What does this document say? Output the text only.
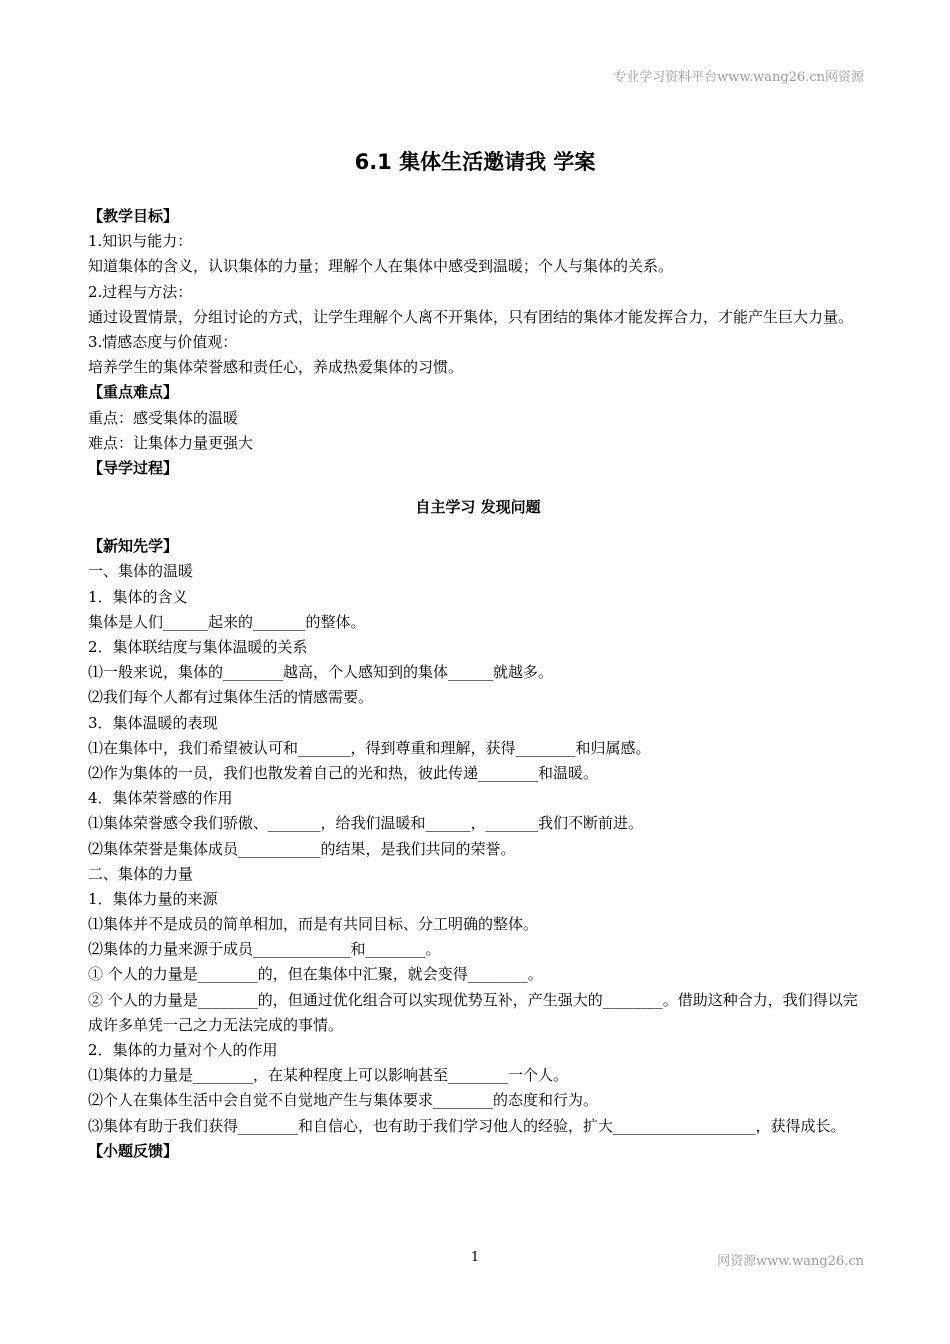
专业学习资料平台www.wang26.cn网资源
6.1 集体生活邀请我 学案
【教学目标】
1.知识与能力：
知道集体的含义，认识集体的力量；理解个人在集体中感受到温暖；个人与集体的关系。
2.过程与方法：
通过设置情景，分组讨论的方式，让学生理解个人离不开集体，只有团结的集体才能发挥合力，才能产生巨大力量。
3.情感态度与价值观：
培养学生的集体荣誉感和责任心，养成热爱集体的习惯。
【重点难点】
重点：感受集体的温暖
难点：让集体力量更强大
【导学过程】
自主学习 发现问题
【新知先学】
一、集体的温暖
1．集体的含义
集体是人们______起来的_______的整体。
2．集体联结度与集体温暖的关系
⑴一般来说，集体的________越高，个人感知到的集体______就越多。
⑵我们每个人都有过集体生活的情感需要。
3．集体温暖的表现
⑴在集体中，我们希望被认可和_______，得到尊重和理解，获得________和归属感。
⑵作为集体的一员，我们也散发着自己的光和热，彼此传递________和温暖。
4．集体荣誉感的作用
⑴集体荣誉感令我们骄傲、_______，给我们温暖和______，_______我们不断前进。
⑵集体荣誉是集体成员___________的结果，是我们共同的荣誉。
二、集体的力量
1．集体力量的来源
⑴集体并不是成员的简单相加，而是有共同目标、分工明确的整体。
⑵集体的力量来源于成员_____________和________。
① 个人的力量是________的，但在集体中汇聚，就会变得________。
② 个人的力量是________的，但通过优化组合可以实现优势互补，产生强大的________。借助这种合力，我们得以完成许多单凭一己之力无法完成的事情。
2．集体的力量对个人的作用
⑴集体的力量是________，在某种程度上可以影响甚至________一个人。
⑵个人在集体生活中会自觉不自觉地产生与集体要求________的态度和行为。
⑶集体有助于我们获得________和自信心，也有助于我们学习他人的经验，扩大___________________，获得成长。
【小题反馈】
1	网资源www.wang26.cn
